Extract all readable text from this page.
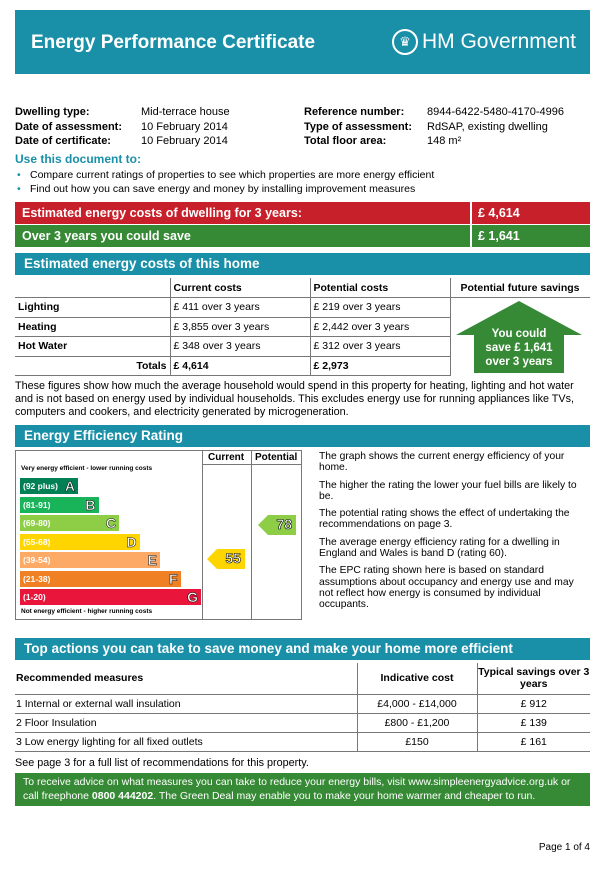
Energy Performance Certificate	♛ HM Government
Dwelling type:	Mid-terrace house
Date of assessment: 10 February 2014
Date of certificate:	10 February 2014
Reference number: 8944-6422-5480-4170-4996
Type of assessment: RdSAP, existing dwelling
Total floor area:	148 m²
Use this document to:
• Compare current ratings of properties to see which properties are more energy efficient
• Find out how you can save energy and money by installing improvement measures
Estimated energy costs of dwelling for 3 years:	£ 4,614
Over 3 years you could save	£ 1,641
Estimated energy costs of this home
	Current costs	Potential costs
Lighting	£ 411 over 3 years	£ 219 over 3 years
Heating	£ 3,855 over 3 years	£ 2,442 over 3 years
Hot Water	£ 348 over 3 years	£ 312 over 3 years
Totals	£ 4,614	£ 2,973
Potential future savings
You could
save £ 1,641
over 3 years
These figures show how much the average household would spend in this property for heating, lighting and hot water and is not based on energy used by individual households. This excludes energy use for running appliances like TVs, computers and cookers, and electricity generated by microgeneration.
Energy Efficiency Rating
Current Potential
Very energy efficient - lower running costs
Not energy efficient - higher running costs
(92 plus) A
(81-91) B
(69-80)	C
(55-68)	D
(39-54)	E
(21-38)	F
(1-20)	G
55
78

The graph shows the current energy efficiency of your home.

The higher the rating the lower your fuel bills are likely to be.

The potential rating shows the effect of undertaking the recommendations on page 3.

The average energy efficiency rating for a dwelling in England and Wales is band D (rating 60).

The EPC rating shown here is based on standard assumptions about occupancy and energy use and may not reflect how energy is consumed by individual occupants.

Top actions you can take to save money and make your home more efficient
Recommended measures	Indicative cost	Typical savings over 3 years
1 Internal or external wall insulation	£4,000 - £14,000	£ 912
2 Floor Insulation	£800 - £1,200	£ 139
3 Low energy lighting for all fixed outlets	£150	£ 161
See page 3 for a full list of recommendations for this property.
To receive advice on what measures you can take to reduce your energy bills, visit www.simpleenergyadvice.org.uk or call freephone 0800 444202. The Green Deal may enable you to make your home warmer and cheaper to run.
Page 1 of 4
